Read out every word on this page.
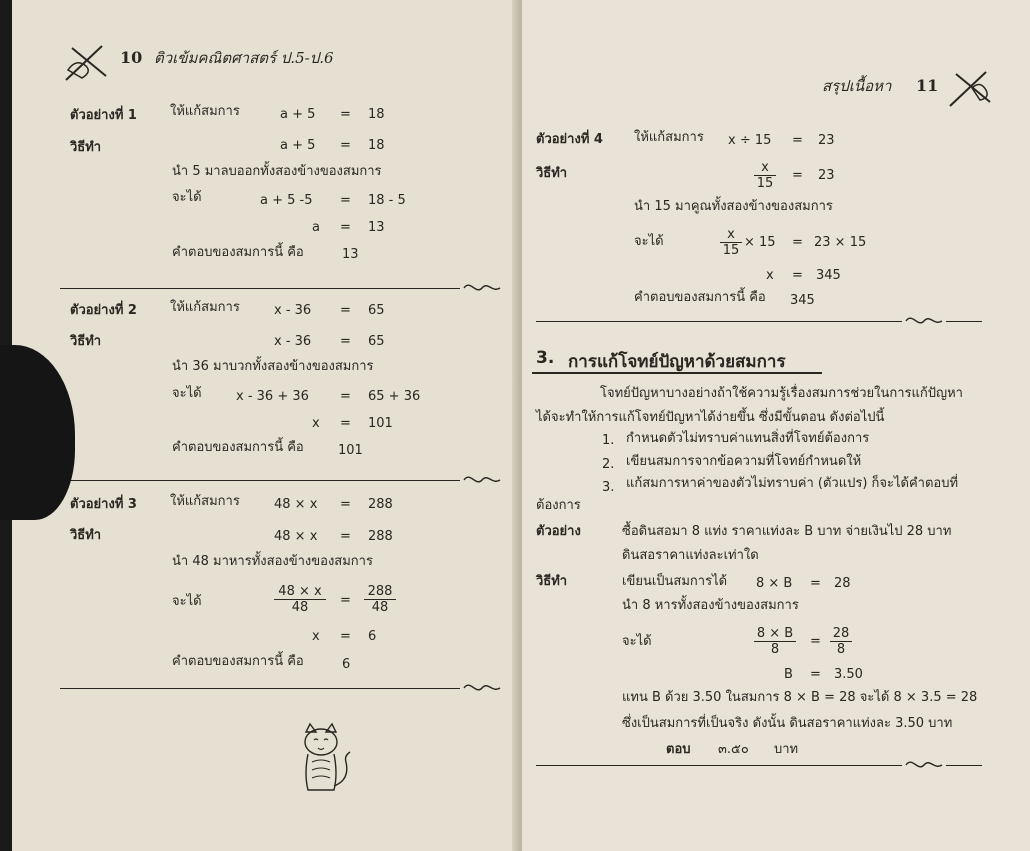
10 ติวเข้มคณิตศาสตร์ ป.5-ป.6
ตัวอย่างที่ 1	ให้แก้สมการ	a + 5 = 18
วิธีทำ	a + 5 = 18
นำ 5 มาลบออกทั้งสองข้างของสมการ
จะได้	a + 5 -5 = 18 - 5
a = 13
คำตอบของสมการนี้ คือ	13
ตัวอย่างที่ 2	ให้แก้สมการ	x - 36 = 65
วิธีทำ	x - 36 = 65
นำ 36 มาบวกทั้งสองข้างของสมการ
จะได้	x - 36 + 36 = 65 + 36
x = 101
คำตอบของสมการนี้ คือ	101
ตัวอย่างที่ 3	ให้แก้สมการ	48 × x = 288
วิธีทำ	48 × x = 288
นำ 48 มาหารทั้งสองข้างของสมการ
จะได้	$\frac{48 \times x}{48} = \frac{288}{48}$
x = 6
คำตอบของสมการนี้ คือ	6
สรุปเนื้อหา 11
ตัวอย่างที่ 4 ให้แก้สมการ x ÷ 15 = 23
วิธีทำ	$\frac{x}{15} = 23$
นำ 15 มาคูณทั้งสองข้างของสมการ
จะได้	$\frac{x}{15} \times 15 = 23 \times 15$
x = 345
คำตอบของสมการนี้ คือ 345
3. การแก้โจทย์ปัญหาด้วยสมการ
โจทย์ปัญหาบางอย่างถ้าใช้ความรู้เรื่องสมการช่วยในการแก้ปัญหา
ได้จะทำให้การแก้โจทย์ปัญหาได้ง่ายขึ้น ซึ่งมีขั้นตอน ดังต่อไปนี้
1. กำหนดตัวไม่ทราบค่าแทนสิ่งที่โจทย์ต้องการ
2. เขียนสมการจากข้อความที่โจทย์กำหนดให้
3. แก้สมการหาค่าของตัวไม่ทราบค่า (ตัวแปร) ก็จะได้คำตอบที่
ต้องการ
ตัวอย่าง	ซื้อดินสอมา 8 แท่ง ราคาแท่งละ B บาท จ่ายเงินไป 28 บาท
ดินสอราคาแท่งละเท่าใด
วิธีทำ	เขียนเป็นสมการได้ 8 × B = 28
นำ 8 หารทั้งสองข้างของสมการ
จะได้	$\frac{8 \times B}{8} = \frac{28}{8}$
B = 3.50
แทน B ด้วย 3.50 ในสมการ 8 × B = 28 จะได้ 8 × 3.5 = 28
ซึ่งเป็นสมการที่เป็นจริง ดังนั้น ดินสอราคาแท่งละ 3.50 บาท
ตอบ ๓.๕๐ บาท
